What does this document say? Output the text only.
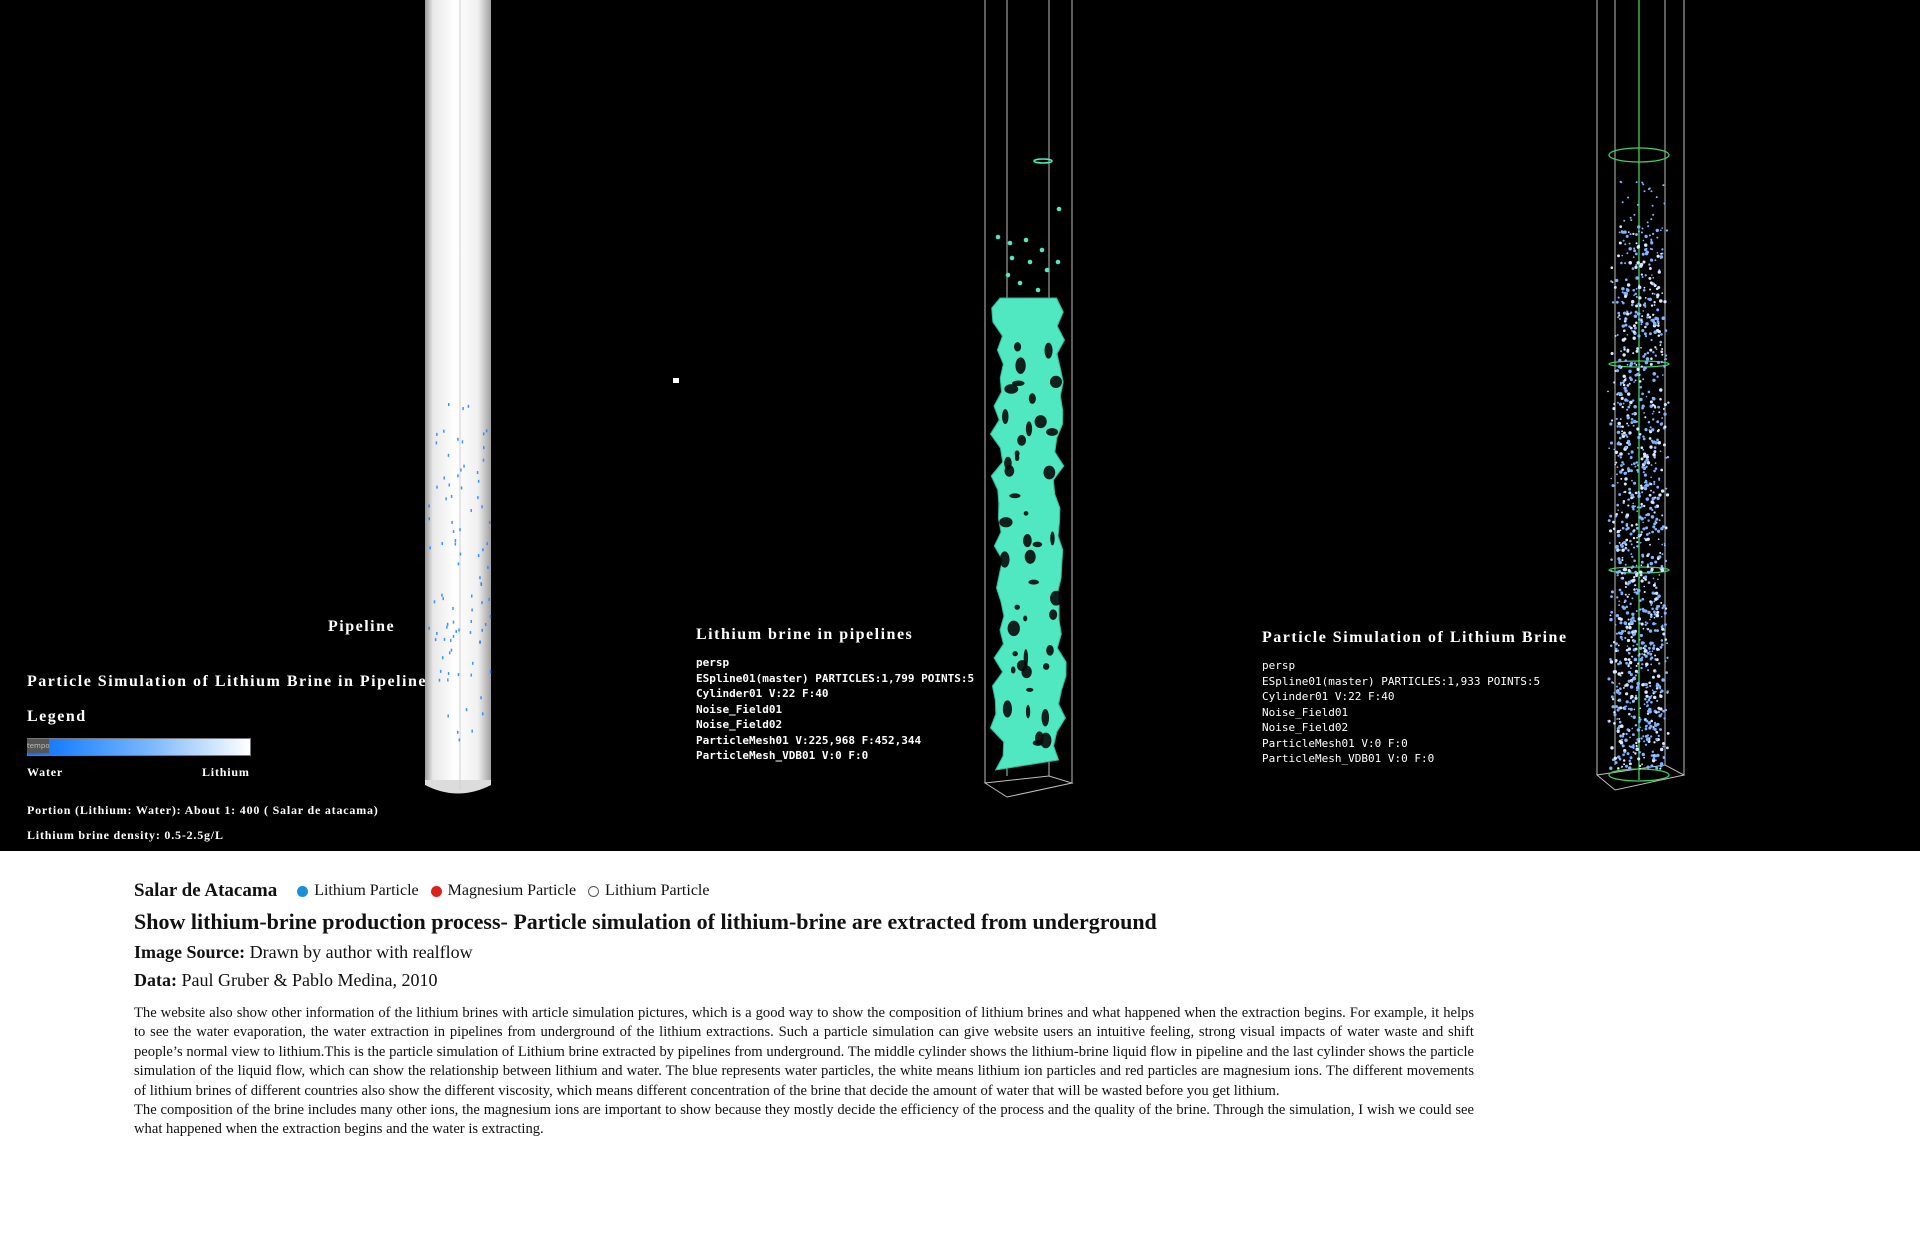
Pipeline
Particle Simulation of Lithium Brine in Pipeline
Legend
tempo
Water	Lithium
Portion (Lithium: Water): About 1: 400 ( Salar de atacama)
Lithium brine density: 0.5-2.5g/L
Lithium brine in pipelines
persp
ESpline01(master) PARTICLES:1,799 POINTS:5
Cylinder01 V:22 F:40
Noise_Field01
Noise_Field02
ParticleMesh01 V:225,968 F:452,344
ParticleMesh_VDB01 V:0 F:0
Particle Simulation of Lithium Brine
persp
ESpline01(master) PARTICLES:1,933 POINTS:5
Cylinder01 V:22 F:40
Noise_Field01
Noise_Field02
ParticleMesh01 V:0 F:0
ParticleMesh_VDB01 V:0 F:0
Salar de Atacama Lithium Particle Magnesium Particle Lithium Particle
Show lithium-brine production process- Particle simulation of lithium-brine are extracted from underground
Image Source: Drawn by author with realflow
Data: Paul Gruber & Pablo Medina, 2010
The website also show other information of the lithium brines with article simulation pictures, which is a good way to show the composition of lithium brines and what happened when the extraction begins. For example, it helps to see the water evaporation, the water extraction in pipelines from underground of the lithium extractions. Such a particle simulation can give website users an intuitive feeling, strong visual impacts of water waste and shift people’s normal view to lithium.This is the particle simulation of Lithium brine extracted by pipelines from underground. The middle cylinder shows the lithium-brine liquid flow in pipeline and the last cylinder shows the particle simulation of the liquid flow, which can show the relationship between lithium and water. The blue represents water particles, the white means lithium ion particles and red particles are magnesium ions. The different movements of lithium brines of different countries also show the different viscosity, which means different concentration of the brine that decide the amount of water that will be wasted before you get lithium.
The composition of the brine includes many other ions, the magnesium ions are important to show because they mostly decide the efficiency of the process and the quality of the brine. Through the simulation, I wish we could see what happened when the extraction begins and the water is extracting.
